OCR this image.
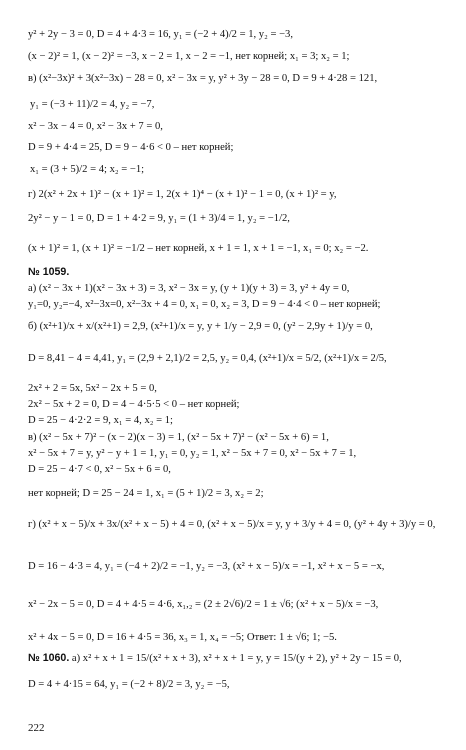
y² + 2y − 3 = 0, D = 4 + 4·3 = 16, y₁ = (−2 + 4)/2 = 1, y₂ = −3,
(x − 2)² = 1, (x − 2)² = −3, x − 2 = 1, x − 2 = −1, нет корней; x₁ = 3; x₂ = 1;
в) (x²−3x)² + 3(x²−3x) − 28 = 0, x² − 3x = y, y² + 3y − 28 = 0, D = 9 + 4·28 = 121,
y₁ = (−3 + 11)/2 = 4, y₂ = −7,
x² − 3x − 4 = 0, x² − 3x + 7 = 0,
D = 9 + 4·4 = 25, D = 9 − 4·6 < 0 – нет корней;
x₁ = (3 + 5)/2 = 4; x₂ = −1;
г) 2(x² + 2x + 1)² − (x + 1)² = 1, 2(x + 1)⁴ − (x + 1)² − 1 = 0, (x + 1)² = y,
2y² − y − 1 = 0, D = 1 + 4·2 = 9, y₁ = (1 + 3)/4 = 1, y₂ = −1/2,
(x + 1)² = 1, (x + 1)² = −1/2 – нет корней, x + 1 = 1, x + 1 = −1, x₁ = 0; x₂ = −2.
№ 1059.
а) (x² − 3x + 1)(x² − 3x + 3) = 3, x² − 3x = y, (y + 1)(y + 3) = 3, y² + 4y = 0,
y₁=0, y₂=−4, x²−3x=0, x²−3x + 4 = 0, x₁ = 0, x₂ = 3, D = 9 − 4·4 < 0 – нет корней;
б) (x²+1)/x + x/(x²+1) = 2,9, (x²+1)/x = y, y + 1/y − 2,9 = 0, (y² − 2,9y + 1)/y = 0,
D = 8,41 − 4 = 4,41, y₁ = (2,9 + 2,1)/2 = 2,5, y₂ = 0,4, (x²+1)/x = 5/2, (x²+1)/x = 2/5,
2x² + 2 = 5x, 5x² − 2x + 5 = 0,
2x² − 5x + 2 = 0, D = 4 − 4·5·5 < 0 – нет корней;
D = 25 − 4·2·2 = 9, x₁ = 4, x₂ = 1;
в) (x² − 5x + 7)² − (x − 2)(x − 3) = 1, (x² − 5x + 7)² − (x² − 5x + 6) = 1,
x² − 5x + 7 = y, y² − y + 1 = 1, y₁ = 0, y₂ = 1, x² − 5x + 7 = 0, x² − 5x + 7 = 1,
D = 25 − 4·7 < 0, x² − 5x + 6 = 0,
нет корней; D = 25 − 24 = 1, x₁ = (5 + 1)/2 = 3, x₂ = 2;
г) (x² + x − 5)/x + 3x/(x² + x − 5) + 4 = 0, (x² + x − 5)/x = y, y + 3/y + 4 = 0, (y² + 4y + 3)/y = 0,
D = 16 − 4·3 = 4, y₁ = (−4 + 2)/2 = −1, y₂ = −3, (x² + x − 5)/x = −1, x² + x − 5 = −x,
x² − 2x − 5 = 0, D = 4 + 4·5 = 4·6, x₁,₂ = (2 ± 2√6)/2 = 1 ± √6; (x² + x − 5)/x = −3,
x² + 4x − 5 = 0, D = 16 + 4·5 = 36, x₃ = 1, x₄ = −5; Ответ: 1 ± √6; 1; −5.
№ 1060. а) x² + x + 1 = 15/(x² + x + 3), x² + x + 1 = y, y = 15/(y + 2), y² + 2y − 15 = 0,
D = 4 + 4·15 = 64, y₁ = (−2 + 8)/2 = 3, y₂ = −5,
222
